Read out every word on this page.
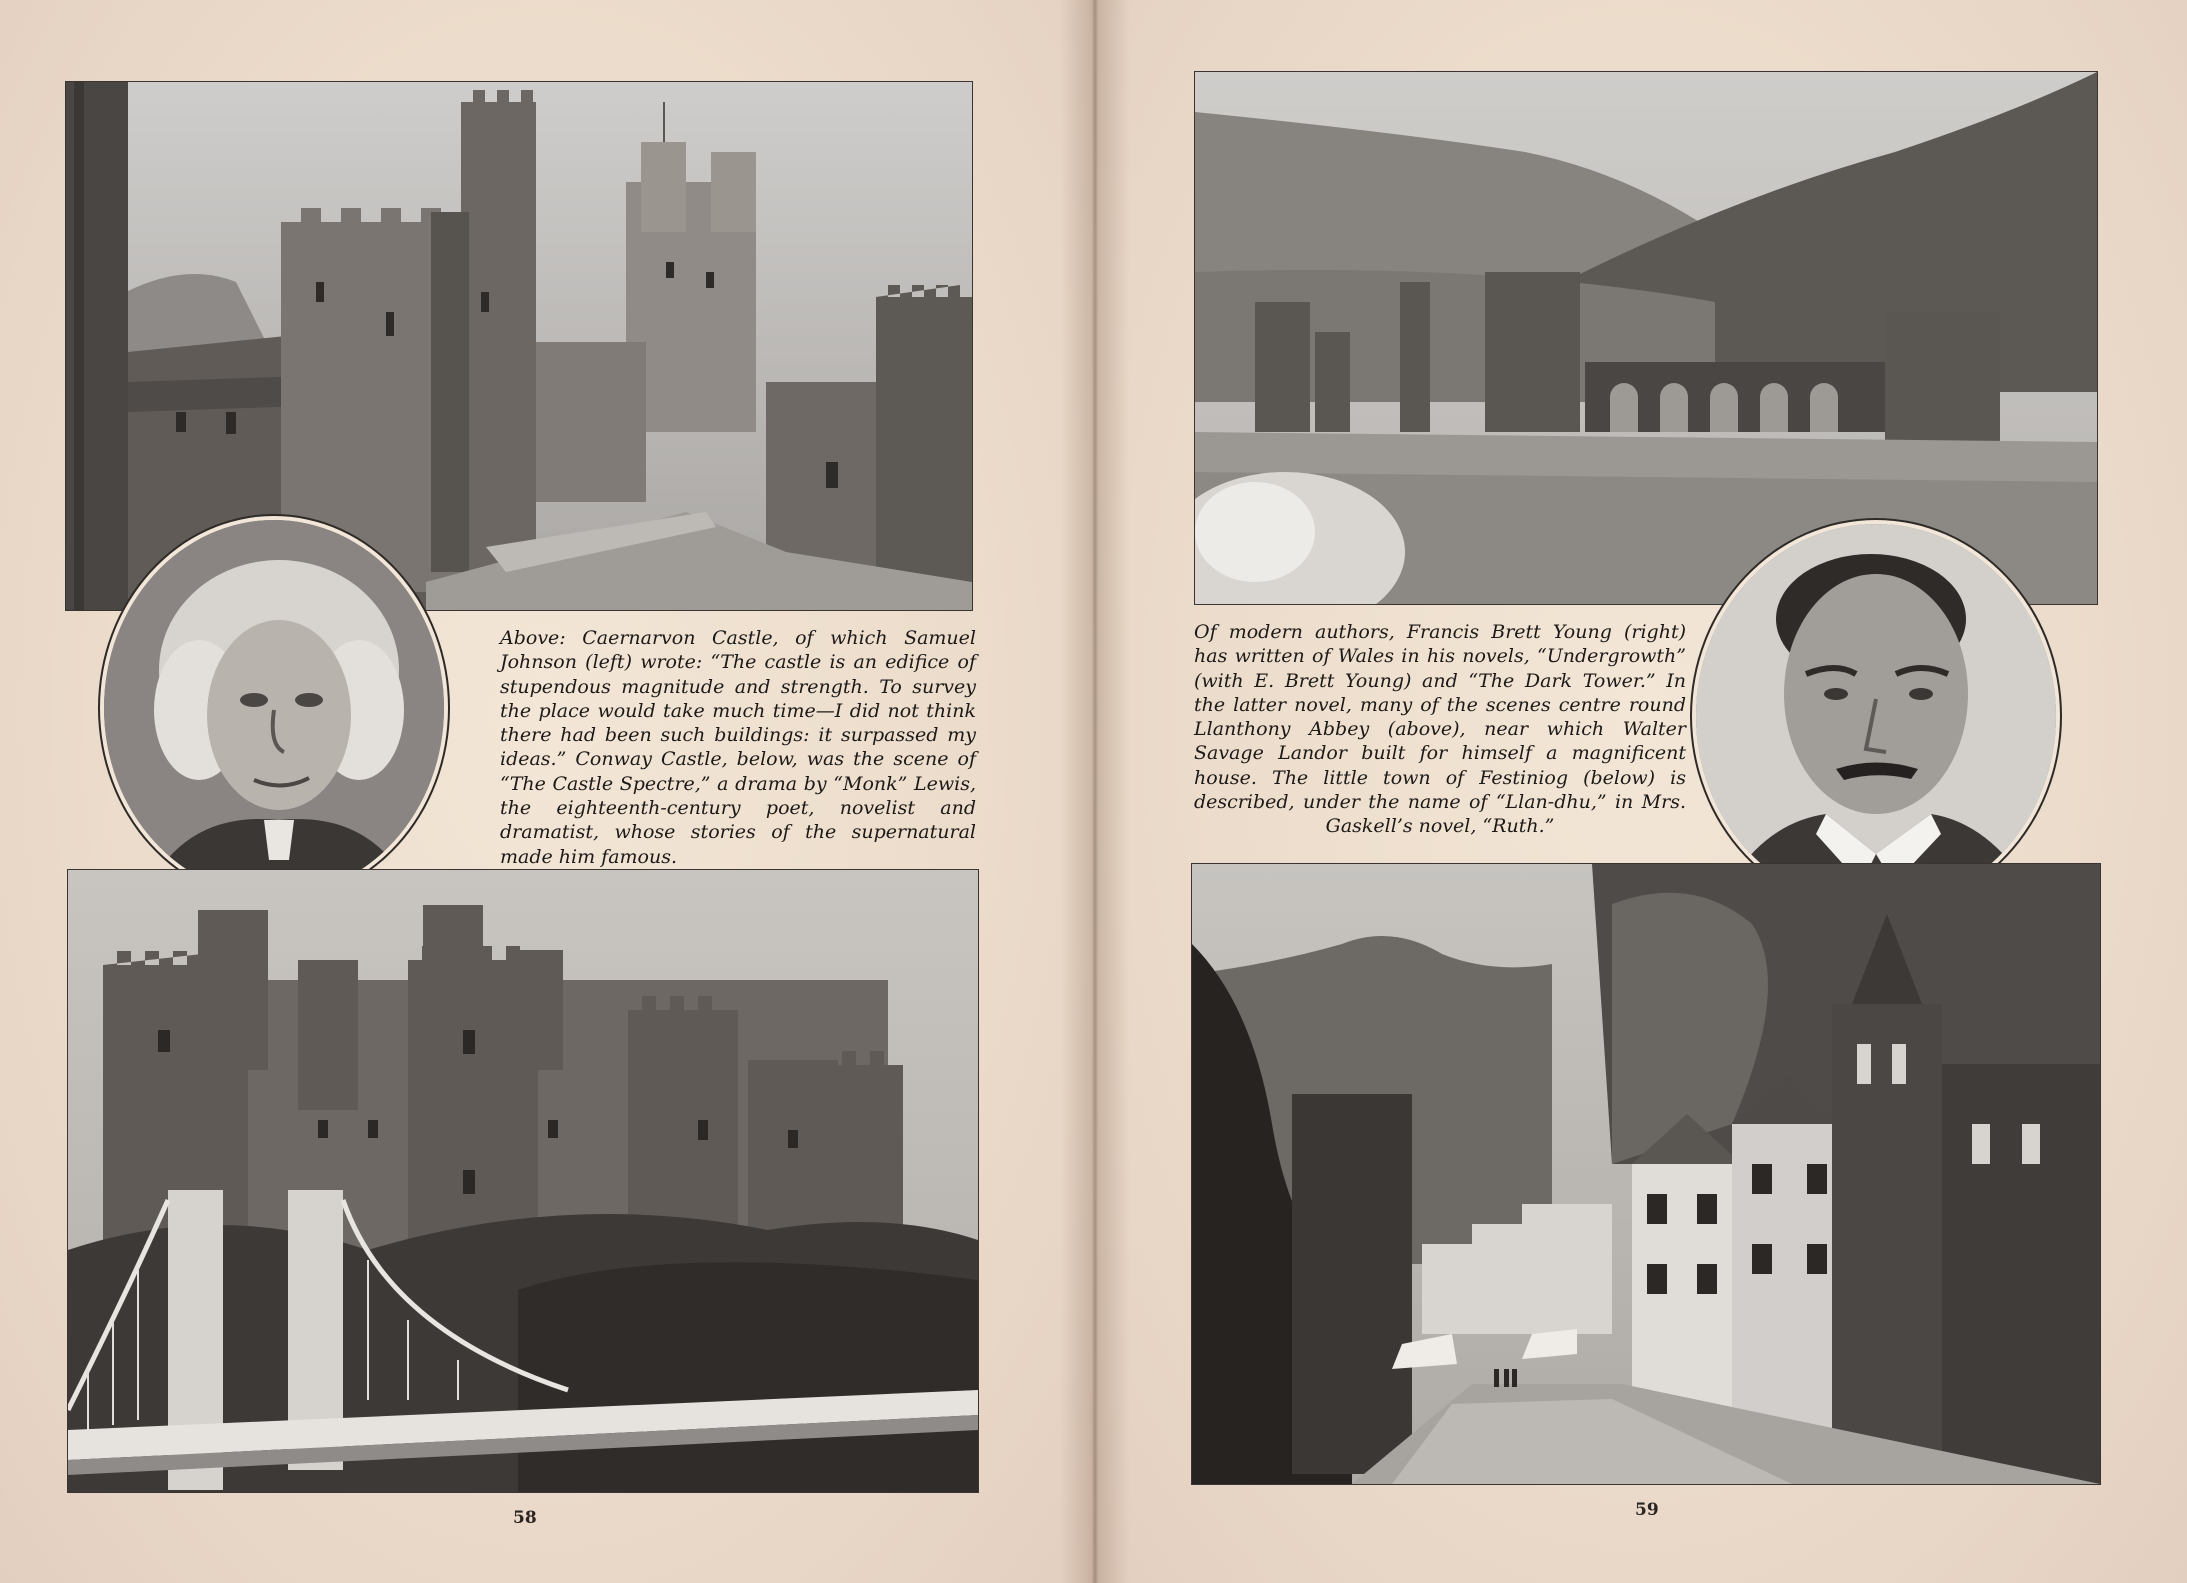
Above: Caernarvon Castle, of which Samuel Johnson (left) wrote: “The castle is an edifice of stupendous magnitude and strength. To survey the place would take much time—I did not think there had been such buildings: it surpassed my ideas.” Conway Castle, below, was the scene of “The Castle Spectre,” a drama by “Monk” Lewis, the eighteenth-century poet, novelist and dramatist, whose stories of the supernatural made him famous.

58

Of modern authors, Francis Brett Young (right) has written of Wales in his novels, “Undergrowth” (with E. Brett Young) and “The Dark Tower.” In the latter novel, many of the scenes centre round Llanthony Abbey (above), near which Walter Savage Landor built for himself a magnificent house. The little town of Festiniog (below) is described, under the name of “Llan-dhu,” in Mrs. Gaskell’s novel, “Ruth.”

59
